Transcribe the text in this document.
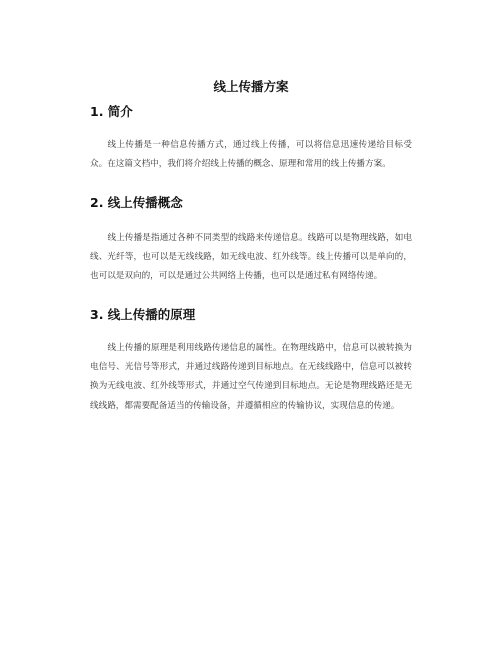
线上传播方案
1. 简介
线上传播是一种信息传播方式，通过线上传播，可以将信息迅速传递给目标受众。在这篇文档中，我们将介绍线上传播的概念、原理和常用的线上传播方案。
2. 线上传播概念
线上传播是指通过各种不同类型的线路来传递信息。线路可以是物理线路，如电线、光纤等，也可以是无线线路，如无线电波、红外线等。线上传播可以是单向的，也可以是双向的，可以是通过公共网络上传播，也可以是通过私有网络传递。
3. 线上传播的原理
线上传播的原理是利用线路传递信息的属性。在物理线路中，信息可以被转换为电信号、光信号等形式，并通过线路传递到目标地点。在无线线路中，信息可以被转换为无线电波、红外线等形式，并通过空气传递到目标地点。无论是物理线路还是无线线路，都需要配备适当的传输设备，并遵循相应的传输协议，实现信息的传递。
